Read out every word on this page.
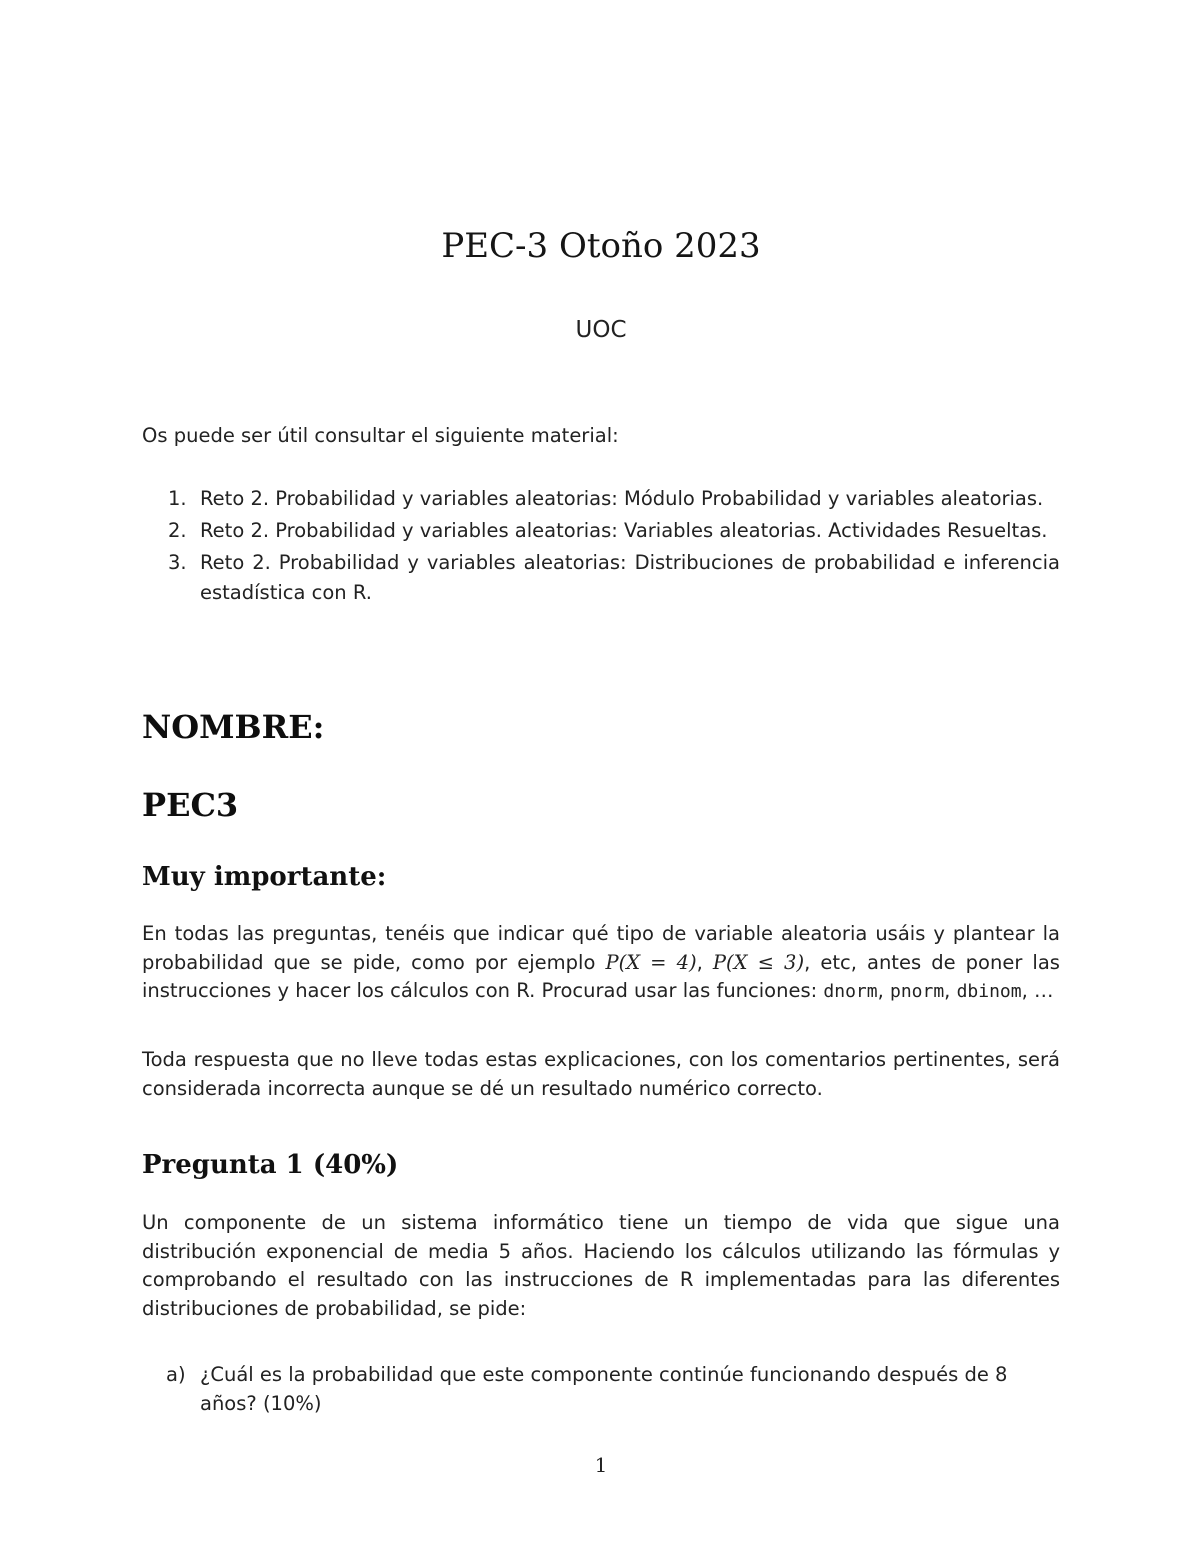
PEC-3 Otoño 2023
UOC

Os puede ser útil consultar el siguiente material:

1. Reto 2. Probabilidad y variables aleatorias: Módulo Probabilidad y variables aleatorias.
2. Reto 2. Probabilidad y variables aleatorias: Variables aleatorias. Actividades Resueltas.
3. Reto 2. Probabilidad y variables aleatorias: Distribuciones de probabilidad e inferencia estadística con R.
NOMBRE:
PEC3
Muy importante:

En todas las preguntas, tenéis que indicar qué tipo de variable aleatoria usáis y plantear la probabilidad que se pide, como por ejemplo P(X = 4), P(X ≤ 3), etc, antes de poner las instrucciones y hacer los cálculos con R. Procurad usar las funciones: dnorm, pnorm, dbinom, …

Toda respuesta que no lleve todas estas explicaciones, con los comentarios pertinentes, será considerada incorrecta aunque se dé un resultado numérico correcto.

Pregunta 1 (40%)

Un componente de un sistema informático tiene un tiempo de vida que sigue una distribución exponencial de media 5 años. Haciendo los cálculos utilizando las fórmulas y comprobando el resultado con las instrucciones de R implementadas para las diferentes distribuciones de probabilidad, se pide:

a) ¿Cuál es la probabilidad que este componente continúe funcionando después de 8 años? (10%)
1
